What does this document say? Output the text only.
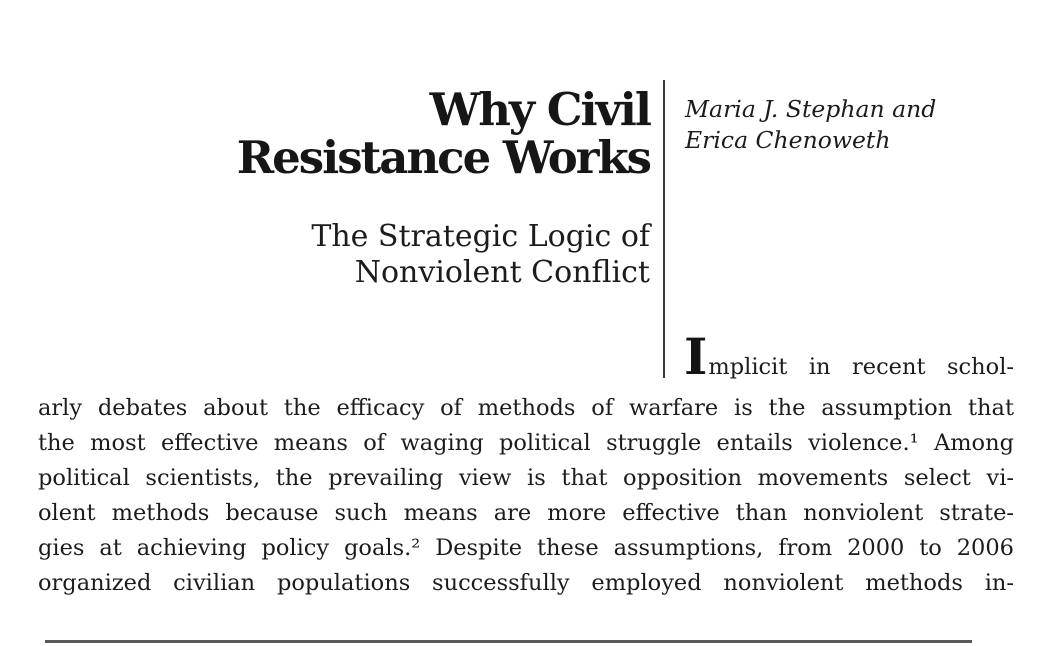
Why Civil
Resistance Works
Maria J. Stephan and
Erica Chenoweth
The Strategic Logic of
Nonviolent Conflict
Implicit in recent schol-
arly debates about the efficacy of methods of warfare is the assumption that
the most effective means of waging political struggle entails violence.¹ Among
political scientists, the prevailing view is that opposition movements select vi-
olent methods because such means are more effective than nonviolent strate-
gies at achieving policy goals.² Despite these assumptions, from 2000 to 2006
organized civilian populations successfully employed nonviolent methods in-
